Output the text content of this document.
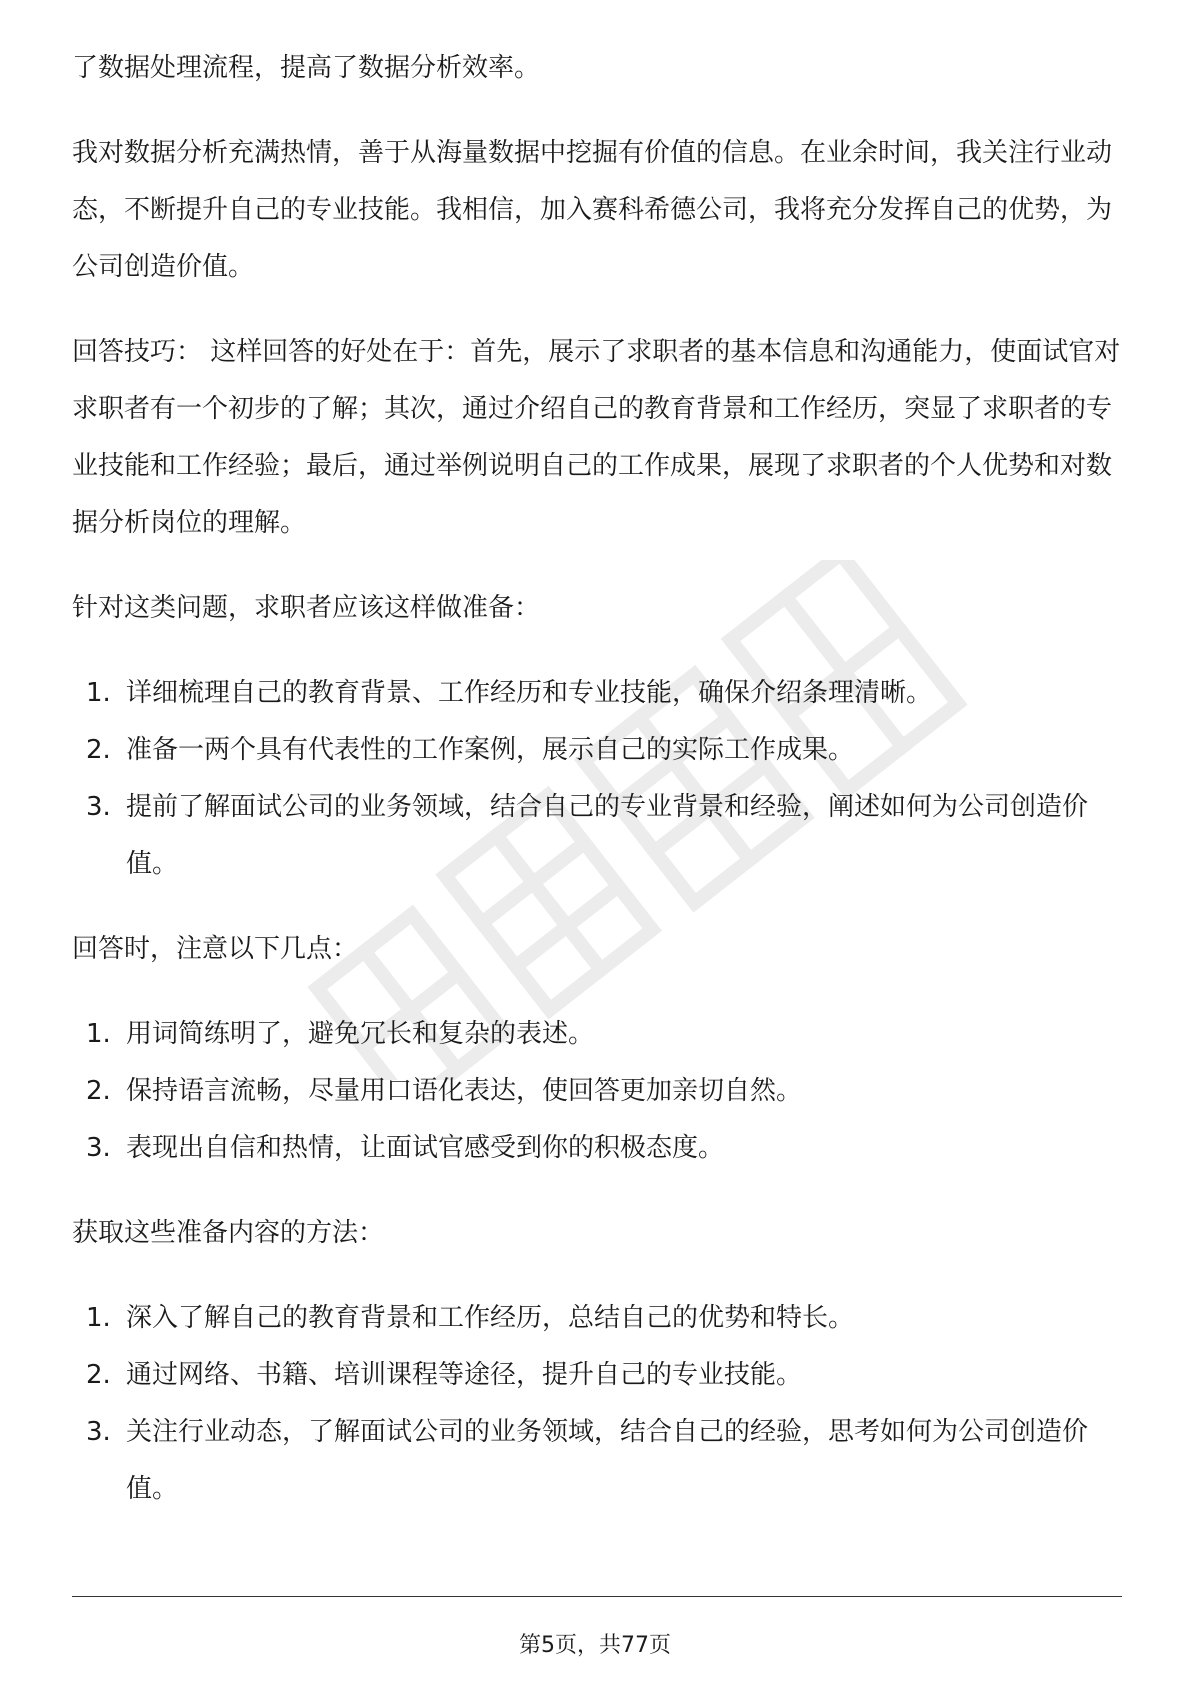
了数据处理流程，提高了数据分析效率。

我对数据分析充满热情，善于从海量数据中挖掘有价值的信息。在业余时间，我关注行业动态，不断提升自己的专业技能。我相信，加入赛科希德公司，我将充分发挥自己的优势，为公司创造价值。

回答技巧： 这样回答的好处在于：首先，展示了求职者的基本信息和沟通能力，使面试官对求职者有一个初步的了解；其次，通过介绍自己的教育背景和工作经历，突显了求职者的专业技能和工作经验；最后，通过举例说明自己的工作成果，展现了求职者的个人优势和对数据分析岗位的理解。

针对这类问题，求职者应该这样做准备：

1. 详细梳理自己的教育背景、工作经历和专业技能，确保介绍条理清晰。
2. 准备一两个具有代表性的工作案例，展示自己的实际工作成果。
3. 提前了解面试公司的业务领域，结合自己的专业背景和经验，阐述如何为公司创造价值。

回答时，注意以下几点：

1. 用词简练明了，避免冗长和复杂的表述。
2. 保持语言流畅，尽量用口语化表达，使回答更加亲切自然。
3. 表现出自信和热情，让面试官感受到你的积极态度。

获取这些准备内容的方法：

1. 深入了解自己的教育背景和工作经历，总结自己的优势和特长。
2. 通过网络、书籍、培训课程等途径，提升自己的专业技能。
3. 关注行业动态，了解面试公司的业务领域，结合自己的经验，思考如何为公司创造价值。
第5页，共77页
